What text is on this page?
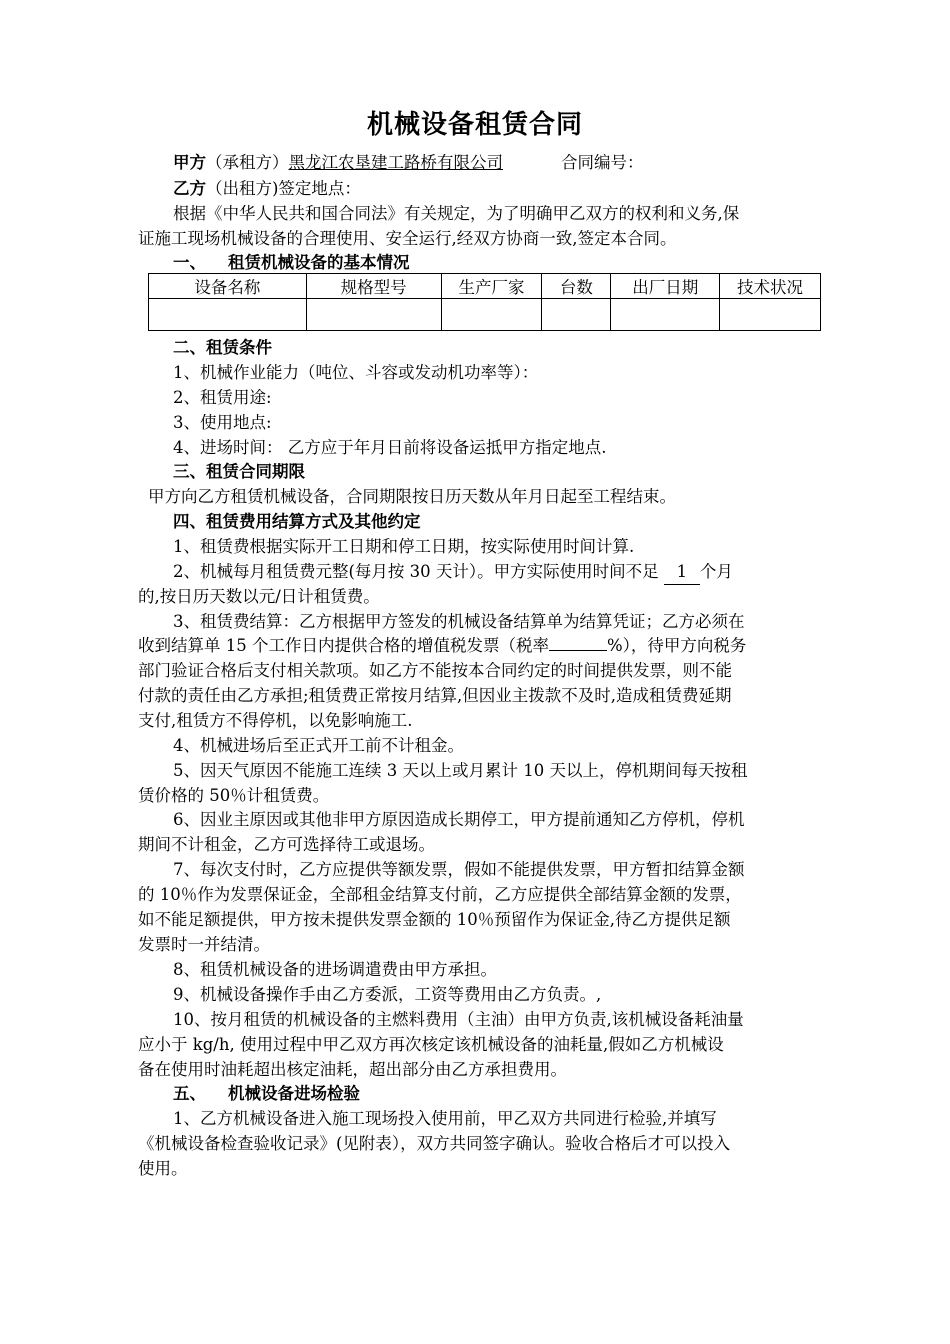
机械设备租赁合同
甲方（承租方）黑龙江农垦建工路桥有限公司	合同编号：
乙方（出租方)签定地点：
根据《中华人民共和国合同法》有关规定，为了明确甲乙双方的权利和义务,保
证施工现场机械设备的合理使用、安全运行,经双方协商一致,签定本合同。
一、 租赁机械设备的基本情况
设备名称	规格型号	生产厂家	台数	出厂日期	技术状况

二、租赁条件
1、机械作业能力（吨位、斗容或发动机功率等）：
2、租赁用途:
3、使用地点:
4、进场时间： 乙方应于年月日前将设备运抵甲方指定地点.
三、租赁合同期限
甲方向乙方租赁机械设备，合同期限按日历天数从年月日起至工程结束。
四、租赁费用结算方式及其他约定
1、租赁费根据实际开工日期和停工日期，按实际使用时间计算.
2、机械每月租赁费元整(每月按 30 天计）。甲方实际使用时间不足 1 个月
的,按日历天数以元/日计租赁费。
3、租赁费结算：乙方根据甲方签发的机械设备结算单为结算凭证；乙方必须在
收到结算单 15 个工作日内提供合格的增值税发票（税率	%），待甲方向税务
部门验证合格后支付相关款项。如乙方不能按本合同约定的时间提供发票，则不能
付款的责任由乙方承担;租赁费正常按月结算,但因业主拨款不及时,造成租赁费延期
支付,租赁方不得停机，以免影响施工.
4、机械进场后至正式开工前不计租金。
5、因天气原因不能施工连续 3 天以上或月累计 10 天以上，停机期间每天按租
赁价格的 50％计租赁费。
6、因业主原因或其他非甲方原因造成长期停工，甲方提前通知乙方停机，停机
期间不计租金，乙方可选择待工或退场。
7、每次支付时，乙方应提供等额发票，假如不能提供发票，甲方暂扣结算金额
的 10％作为发票保证金，全部租金结算支付前，乙方应提供全部结算金额的发票，
如不能足额提供，甲方按未提供发票金额的 10％预留作为保证金,待乙方提供足额
发票时一并结清。
8、租赁机械设备的进场调遣费由甲方承担。
9、机械设备操作手由乙方委派，工资等费用由乙方负责。,
10、按月租赁的机械设备的主燃料费用（主油）由甲方负责,该机械设备耗油量
应小于 kg/h, 使用过程中甲乙双方再次核定该机械设备的油耗量,假如乙方机械设
备在使用时油耗超出核定油耗，超出部分由乙方承担费用。
五、 机械设备进场检验
1、乙方机械设备进入施工现场投入使用前，甲乙双方共同进行检验,并填写
《机械设备检查验收记录》(见附表），双方共同签字确认。验收合格后才可以投入
使用。
